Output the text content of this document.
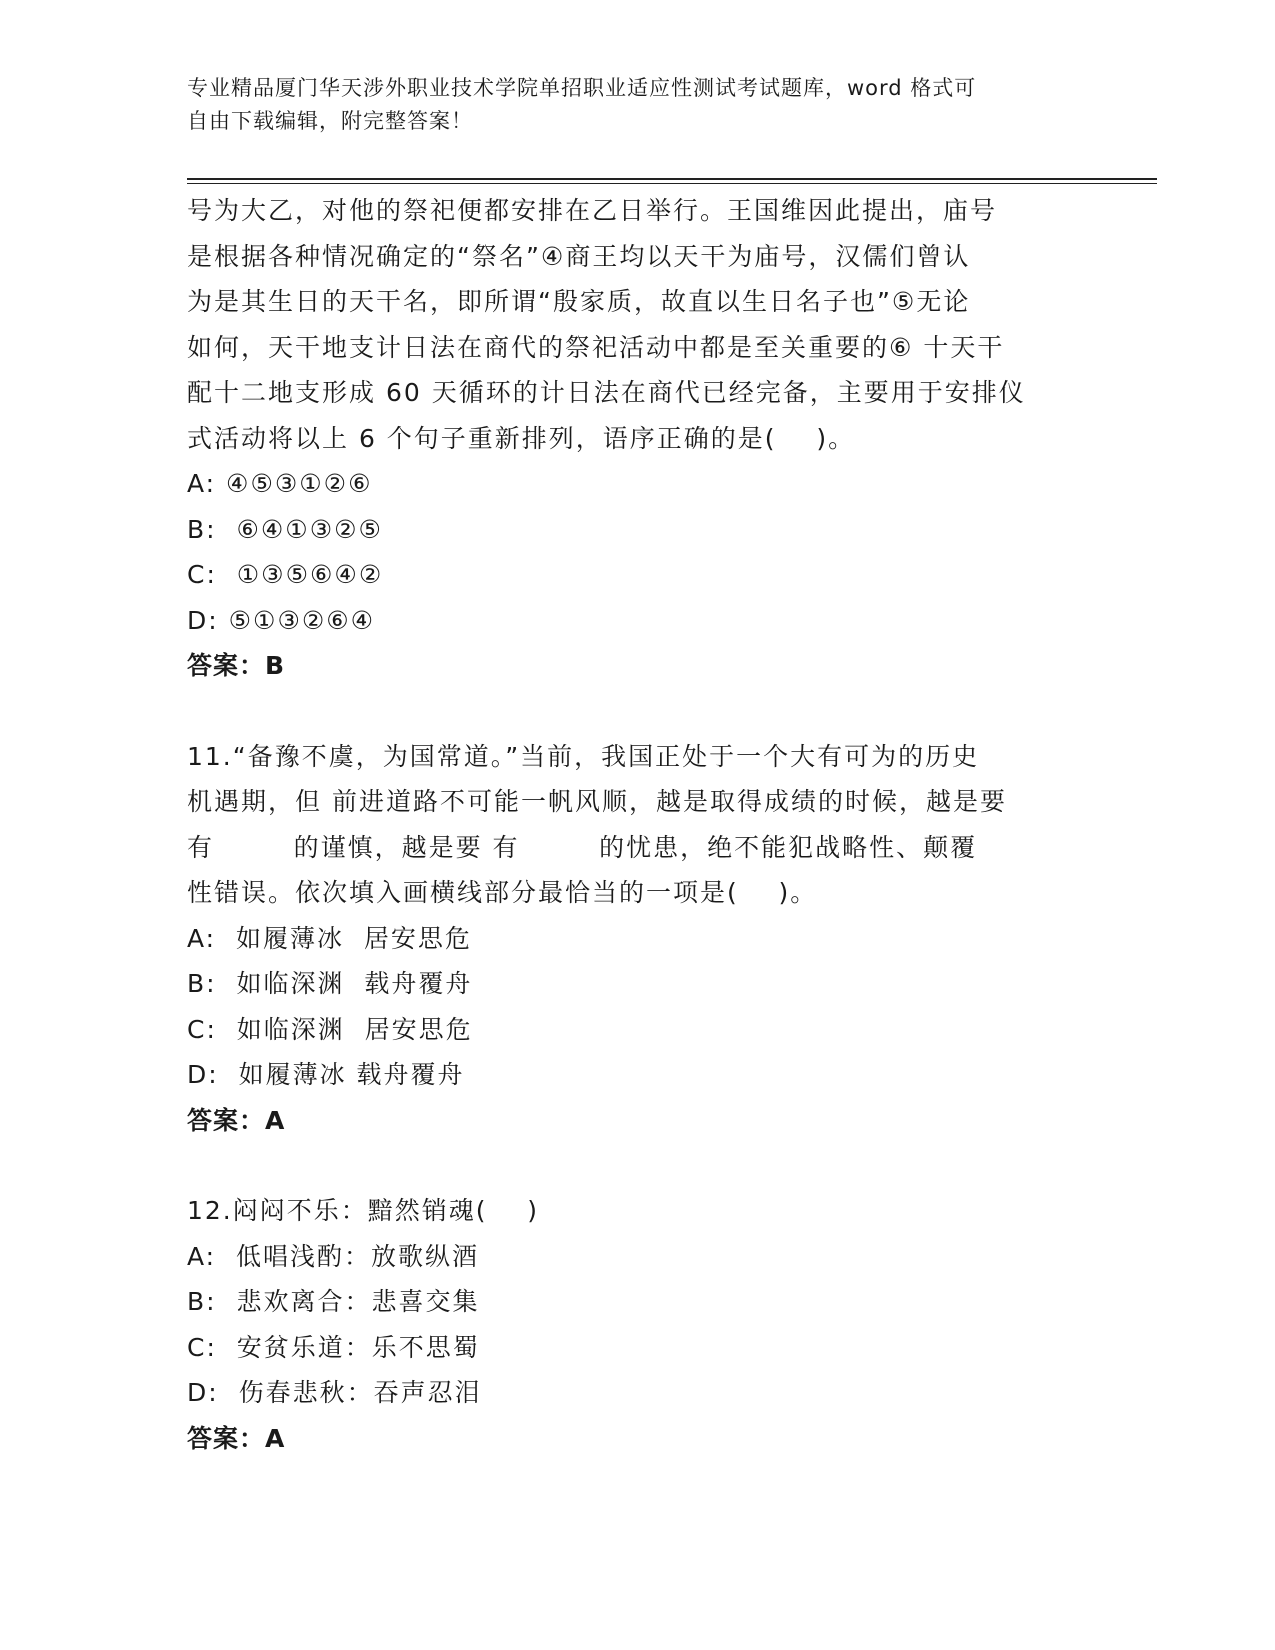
专业精品厦门华天涉外职业技术学院单招职业适应性测试考试题库，word 格式可
自由下载编辑，附完整答案！
号为大乙，对他的祭祀便都安排在乙日举行。王国维因此提出，庙号
是根据各种情况确定的“祭名”④商王均以天干为庙号，汉儒们曾认
为是其生日的天干名，即所谓“殷家质，故直以生日名子也”⑤无论
如何，天干地支计日法在商代的祭祀活动中都是至关重要的⑥ 十天干
配十二地支形成 60 天循环的计日法在商代已经完备，主要用于安排仪
式活动将以上 6 个句子重新排列，语序正确的是(    )。
A: ④⑤③①②⑥
B:  ⑥④①③②⑤
C:  ①③⑤⑥④②
D: ⑤①③②⑥④
答案：B
11.“备豫不虞，为国常道。”当前，我国正处于一个大有可为的历史
机遇期，但 前进道路不可能一帆风顺，越是取得成绩的时候，越是要
有        的谨慎，越是要 有        的忧患，绝不能犯战略性、颠覆
性错误。依次填入画横线部分最恰当的一项是(    )。
A:  如履薄冰  居安思危
B:  如临深渊  载舟覆舟
C:  如临深渊  居安思危
D:  如履薄冰 载舟覆舟
答案：A
12.闷闷不乐：黯然销魂(    )
A:  低唱浅酌：放歌纵酒
B:  悲欢离合：悲喜交集
C:  安贫乐道：乐不思蜀
D:  伤春悲秋：吞声忍泪
答案：A
